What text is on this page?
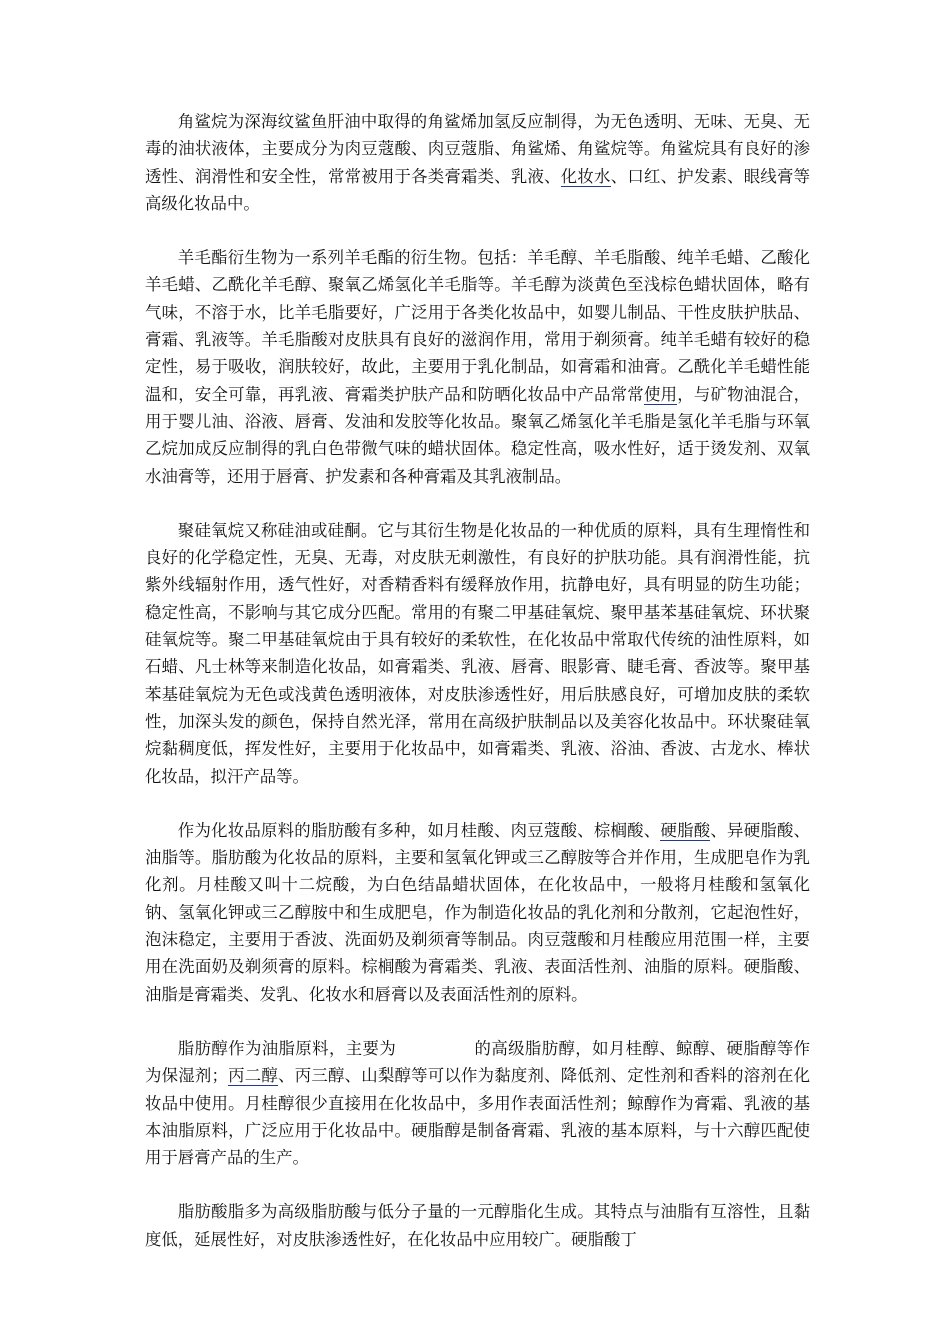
角鲨烷为深海纹鲨鱼肝油中取得的角鲨烯加氢反应制得，为无色透明、无味、无臭、无毒的油状液体，主要成分为肉豆蔻酸、肉豆蔻脂、角鲨烯、角鲨烷等。角鲨烷具有良好的渗透性、润滑性和安全性，常常被用于各类膏霜类、乳液、化妆水、口红、护发素、眼线膏等高级化妆品中。

羊毛酯衍生物为一系列羊毛酯的衍生物。包括：羊毛醇、羊毛脂酸、纯羊毛蜡、乙酸化羊毛蜡、乙酰化羊毛醇、聚氧乙烯氢化羊毛脂等。羊毛醇为淡黄色至浅棕色蜡状固体，略有气味，不溶于水，比羊毛脂要好，广泛用于各类化妆品中，如婴儿制品、干性皮肤护肤品、膏霜、乳液等。羊毛脂酸对皮肤具有良好的滋润作用，常用于剃须膏。纯羊毛蜡有较好的稳定性，易于吸收，润肤较好，故此，主要用于乳化制品，如膏霜和油膏。乙酰化羊毛蜡性能温和，安全可靠，再乳液、膏霜类护肤产品和防晒化妆品中产品常常使用，与矿物油混合，用于婴儿油、浴液、唇膏、发油和发胶等化妆品。聚氧乙烯氢化羊毛脂是氢化羊毛脂与环氧乙烷加成反应制得的乳白色带微气味的蜡状固体。稳定性高，吸水性好，适于烫发剂、双氧水油膏等，还用于唇膏、护发素和各种膏霜及其乳液制品。

聚硅氧烷又称硅油或硅酮。它与其衍生物是化妆品的一种优质的原料，具有生理惰性和良好的化学稳定性，无臭、无毒，对皮肤无刺激性，有良好的护肤功能。具有润滑性能，抗紫外线辐射作用，透气性好，对香精香料有缓释放作用，抗静电好，具有明显的防生功能；稳定性高，不影响与其它成分匹配。常用的有聚二甲基硅氧烷、聚甲基苯基硅氧烷、环状聚硅氧烷等。聚二甲基硅氧烷由于具有较好的柔软性，在化妆品中常取代传统的油性原料，如石蜡、凡士林等来制造化妆品，如膏霜类、乳液、唇膏、眼影膏、睫毛膏、香波等。聚甲基苯基硅氧烷为无色或浅黄色透明液体，对皮肤渗透性好，用后肤感良好，可增加皮肤的柔软性，加深头发的颜色，保持自然光泽，常用在高级护肤制品以及美容化妆品中。环状聚硅氧烷黏稠度低，挥发性好，主要用于化妆品中，如膏霜类、乳液、浴油、香波、古龙水、棒状化妆品，拟汗产品等。

作为化妆品原料的脂肪酸有多种，如月桂酸、肉豆蔻酸、棕榈酸、硬脂酸、异硬脂酸、油脂等。脂肪酸为化妆品的原料，主要和氢氧化钾或三乙醇胺等合并作用，生成肥皂作为乳化剂。月桂酸又叫十二烷酸，为白色结晶蜡状固体，在化妆品中，一般将月桂酸和氢氧化钠、氢氧化钾或三乙醇胺中和生成肥皂，作为制造化妆品的乳化剂和分散剂，它起泡性好，泡沫稳定，主要用于香波、洗面奶及剃须膏等制品。肉豆蔻酸和月桂酸应用范围一样，主要用在洗面奶及剃须膏的原料。棕榈酸为膏霜类、乳液、表面活性剂、油脂的原料。硬脂酸、油脂是膏霜类、发乳、化妆水和唇膏以及表面活性剂的原料。

脂肪醇作为油脂原料，主要为	的高级脂肪醇，如月桂醇、鲸醇、硬脂醇等作为保湿剂；丙二醇、丙三醇、山梨醇等可以作为黏度剂、降低剂、定性剂和香料的溶剂在化妆品中使用。月桂醇很少直接用在化妆品中，多用作表面活性剂；鲸醇作为膏霜、乳液的基本油脂原料，广泛应用于化妆品中。硬脂醇是制备膏霜、乳液的基本原料，与十六醇匹配使用于唇膏产品的生产。

脂肪酸脂多为高级脂肪酸与低分子量的一元醇脂化生成。其特点与油脂有互溶性，且黏度低，延展性好，对皮肤渗透性好，在化妆品中应用较广。硬脂酸丁
